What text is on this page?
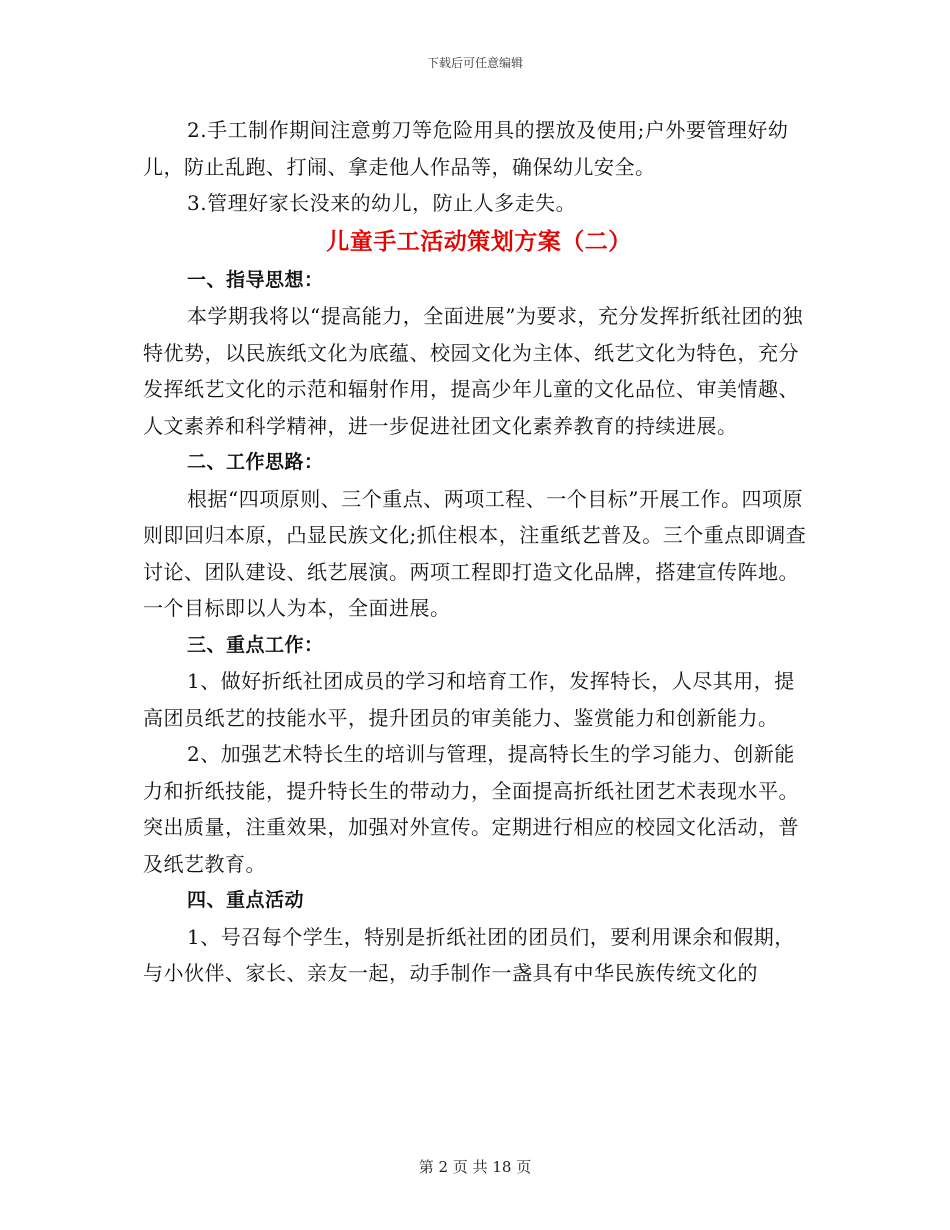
下载后可任意编辑

2.手工制作期间注意剪刀等危险用具的摆放及使用;户外要管理好幼儿，防止乱跑、打闹、拿走他人作品等，确保幼儿安全。

3.管理好家长没来的幼儿，防止人多走失。

儿童手工活动策划方案（二）

一、指导思想：

本学期我将以“提高能力，全面进展”为要求，充分发挥折纸社团的独特优势，以民族纸文化为底蕴、校园文化为主体、纸艺文化为特色，充分发挥纸艺文化的示范和辐射作用，提高少年儿童的文化品位、审美情趣、人文素养和科学精神，进一步促进社团文化素养教育的持续进展。

二、工作思路：

根据“四项原则、三个重点、两项工程、一个目标”开展工作。四项原则即回归本原，凸显民族文化;抓住根本，注重纸艺普及。三个重点即调查讨论、团队建设、纸艺展演。两项工程即打造文化品牌，搭建宣传阵地。一个目标即以人为本，全面进展。

三、重点工作：

1、做好折纸社团成员的学习和培育工作，发挥特长，人尽其用，提高团员纸艺的技能水平，提升团员的审美能力、鉴赏能力和创新能力。

2、加强艺术特长生的培训与管理，提高特长生的学习能力、创新能力和折纸技能，提升特长生的带动力，全面提高折纸社团艺术表现水平。突出质量，注重效果，加强对外宣传。定期进行相应的校园文化活动，普及纸艺教育。

四、重点活动

1、号召每个学生，特别是折纸社团的团员们，要利用课余和假期，与小伙伴、家长、亲友一起，动手制作一盏具有中华民族传统文化的

第 2 页 共 18 页
